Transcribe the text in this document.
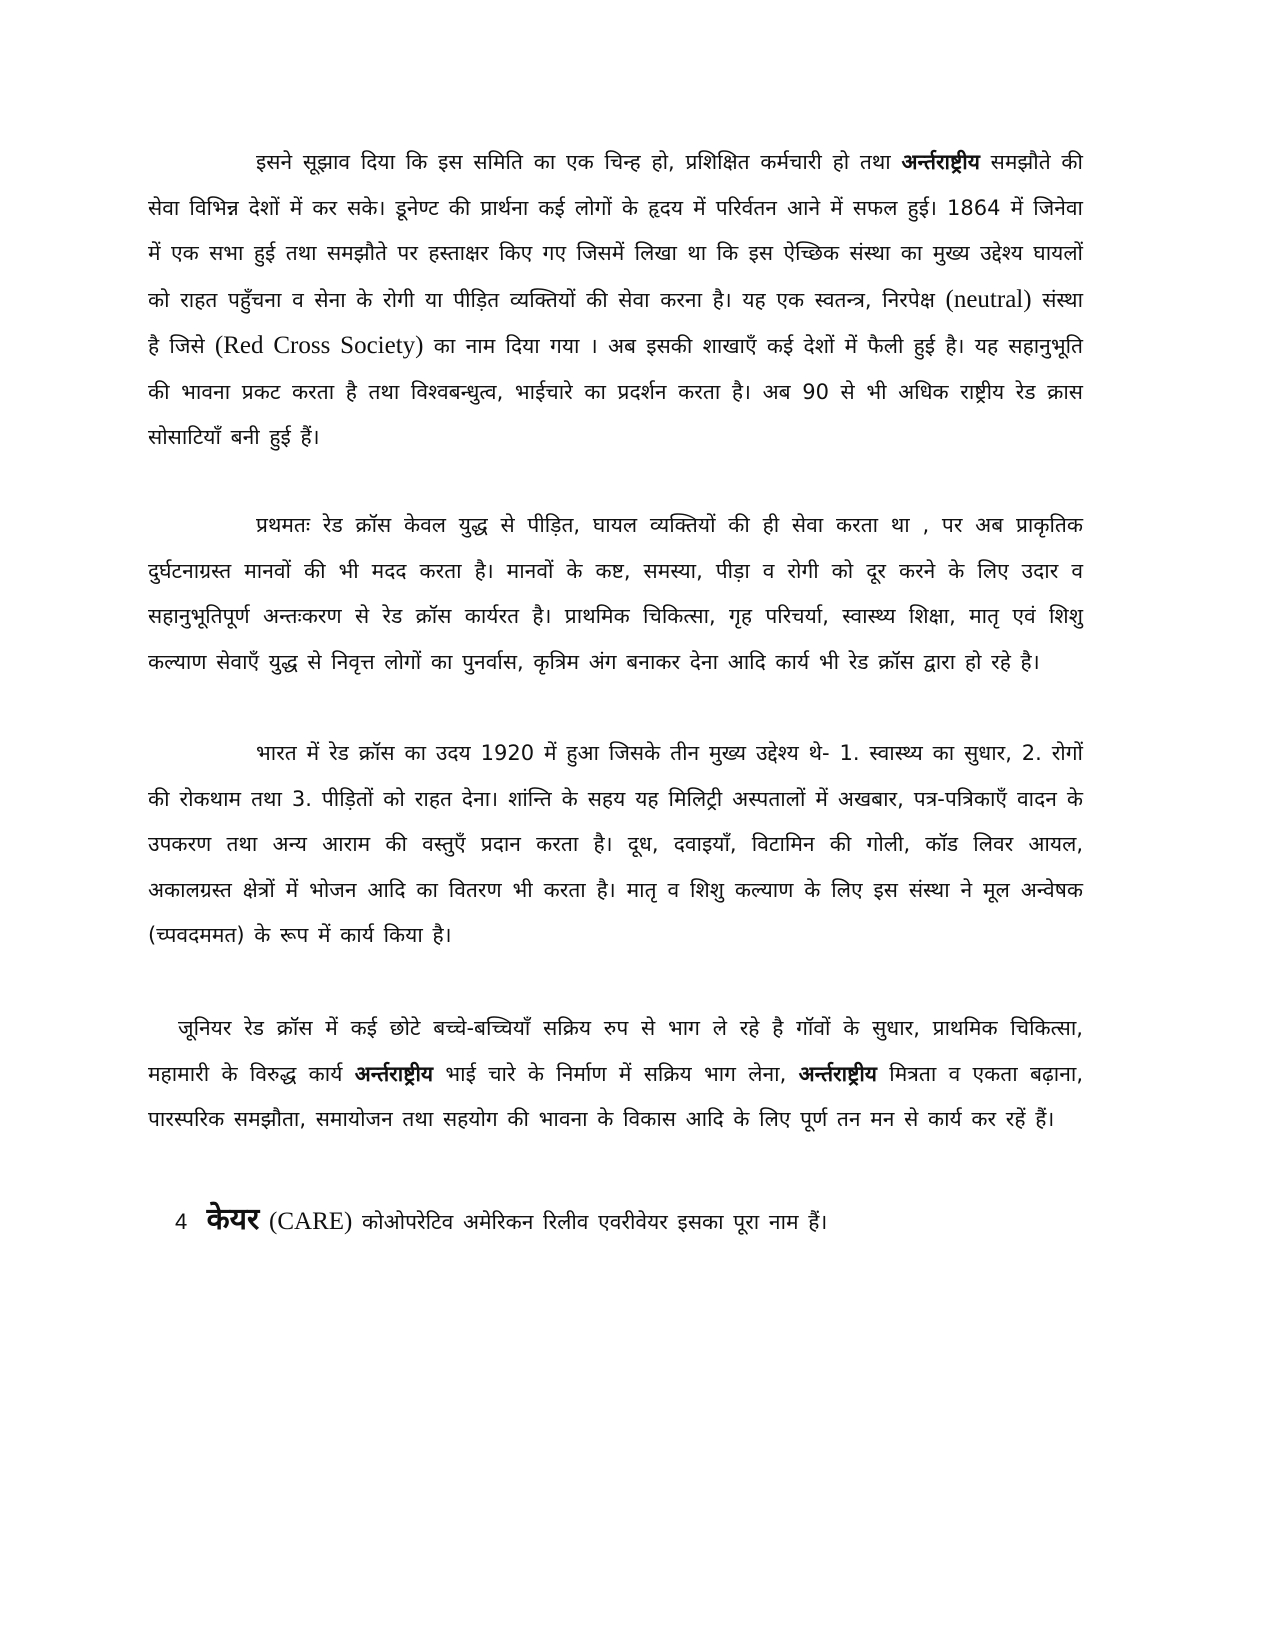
इसने सूझाव दिया कि इस समिति का एक चिन्ह हो, प्रशिक्षित कर्मचारी हो तथा अर्न्तराष्ट्रीय समझौते की सेवा विभिन्न देशों में कर सके। डूनेण्ट की प्रार्थना कई लोगों के हृदय में परिर्वतन आने में सफल हुई। 1864 में जिनेवा में एक सभा हुई तथा समझौते पर हस्ताक्षर किए गए जिसमें लिखा था कि इस ऐच्छिक संस्था का मुख्य उद्देश्य घायलों को राहत पहुँचना व सेना के रोगी या पीड़ित व्यक्तियों की सेवा करना है। यह एक स्वतन्त्र, निरपेक्ष (neutral) संस्था है जिसे (Red Cross Society) का नाम दिया गया । अब इसकी शाखाएँ कई देशों में फैली हुई है। यह सहानुभूति की भावना प्रकट करता है तथा विश्वबन्धुत्व, भाईचारे का प्रदर्शन करता है। अब 90 से भी अधिक राष्ट्रीय रेड क्रास सोसाटियाँ बनी हुई हैं।

प्रथमतः रेड क्रॉस केवल युद्ध से पीड़ित, घायल व्यक्तियों की ही सेवा करता था , पर अब प्राकृतिक दुर्घटनाग्रस्त मानवों की भी मदद करता है। मानवों के कष्ट, समस्या, पीड़ा व रोगी को दूर करने के लिए उदार व सहानुभूतिपूर्ण अन्तःकरण से रेड क्रॉस कार्यरत है। प्राथमिक चिकित्सा, गृह परिचर्या, स्वास्थ्य शिक्षा, मातृ एवं शिशु कल्याण सेवाएँ युद्ध से निवृत्त लोगों का पुनर्वास, कृत्रिम अंग बनाकर देना आदि कार्य भी रेड क्रॉस द्वारा हो रहे है।

भारत में रेड क्रॉस का उदय 1920 में हुआ जिसके तीन मुख्य उद्देश्य थे- 1. स्वास्थ्य का सुधार, 2. रोगों की रोकथाम तथा 3. पीड़ितों को राहत देना। शांन्ति के सहय यह मिलिट्री अस्पतालों में अखबार, पत्र-पत्रिकाएँ वादन के उपकरण तथा अन्य आराम की वस्तुएँ प्रदान करता है। दूध, दवाइयाँ, विटामिन की गोली, कॉड लिवर आयल, अकालग्रस्त क्षेत्रों में भोजन आदि का वितरण भी करता है। मातृ व शिशु कल्याण के लिए इस संस्था ने मूल अन्वेषक (च्पवदममत) के रूप में कार्य किया है।

जूनियर रेड क्रॉस में कई छोटे बच्चे-बच्चियाँ सक्रिय रुप से भाग ले रहे है गॉवों के सुधार, प्राथमिक चिकित्सा, महामारी के विरुद्ध कार्य अर्न्तराष्ट्रीय भाई चारे के निर्माण में सक्रिय भाग लेना, अर्न्तराष्ट्रीय मित्रता व एकता बढ़ाना, पारस्परिक समझौता, समायोजन तथा सहयोग की भावना के विकास आदि के लिए पूर्ण तन मन से कार्य कर रहें हैं।

4 केयर (CARE) कोओपरेटिव अमेरिकन रिलीव एवरीवेयर इसका पूरा नाम हैं।
